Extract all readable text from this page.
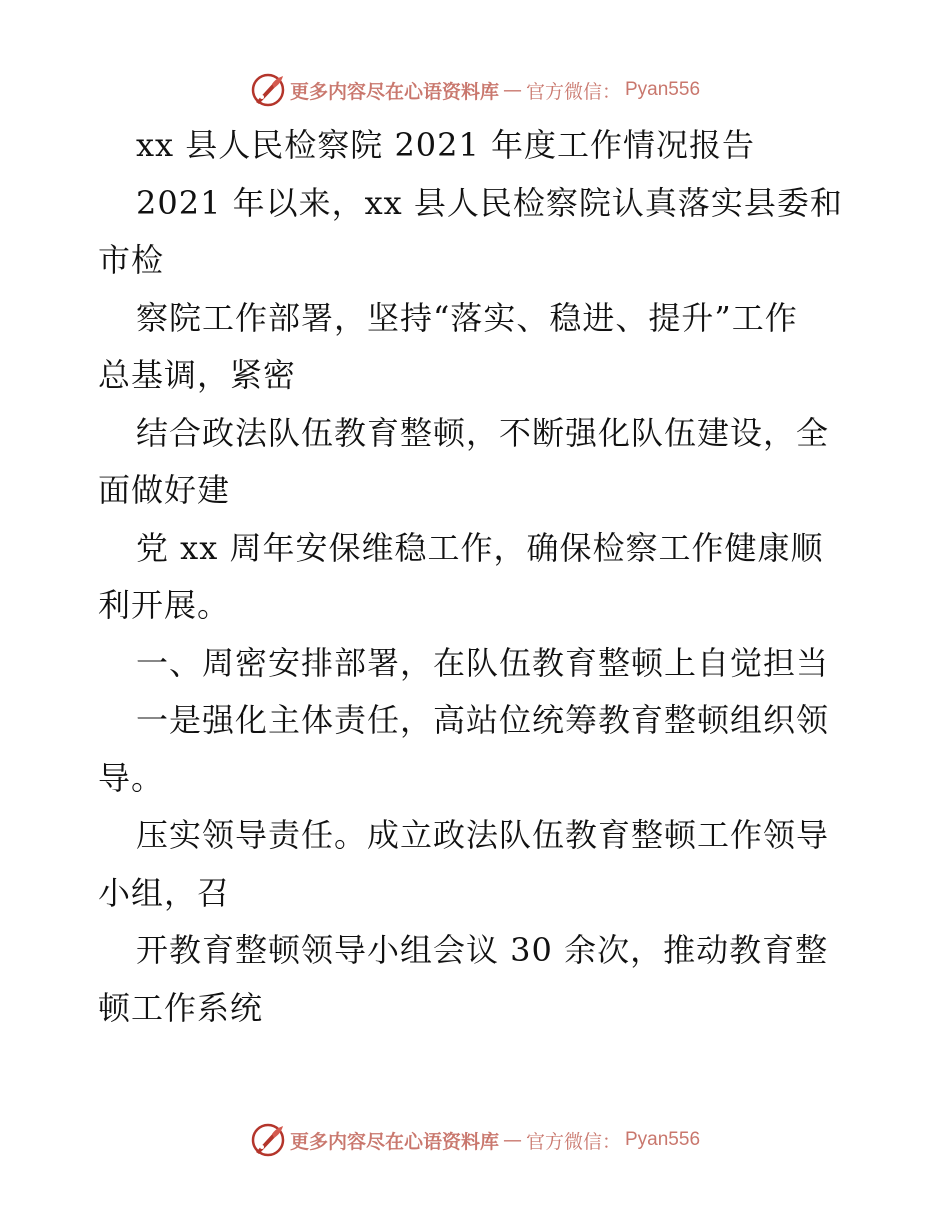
更多内容尽在心语资料库 — 官方微信： Pyan556
xx 县人民检察院 2021 年度工作情况报告
2021 年以来，xx 县人民检察院认真落实县委和
市检
察院工作部署，坚持“落实、稳进、提升”工作
总基调，紧密
结合政法队伍教育整顿，不断强化队伍建设，全
面做好建
党 xx 周年安保维稳工作，确保检察工作健康顺
利开展。
一、周密安排部署，在队伍教育整顿上自觉担当
一是强化主体责任，高站位统筹教育整顿组织领
导。
压实领导责任。成立政法队伍教育整顿工作领导
小组，召
开教育整顿领导小组会议 30 余次，推动教育整
顿工作系统
更多内容尽在心语资料库 — 官方微信： Pyan556
